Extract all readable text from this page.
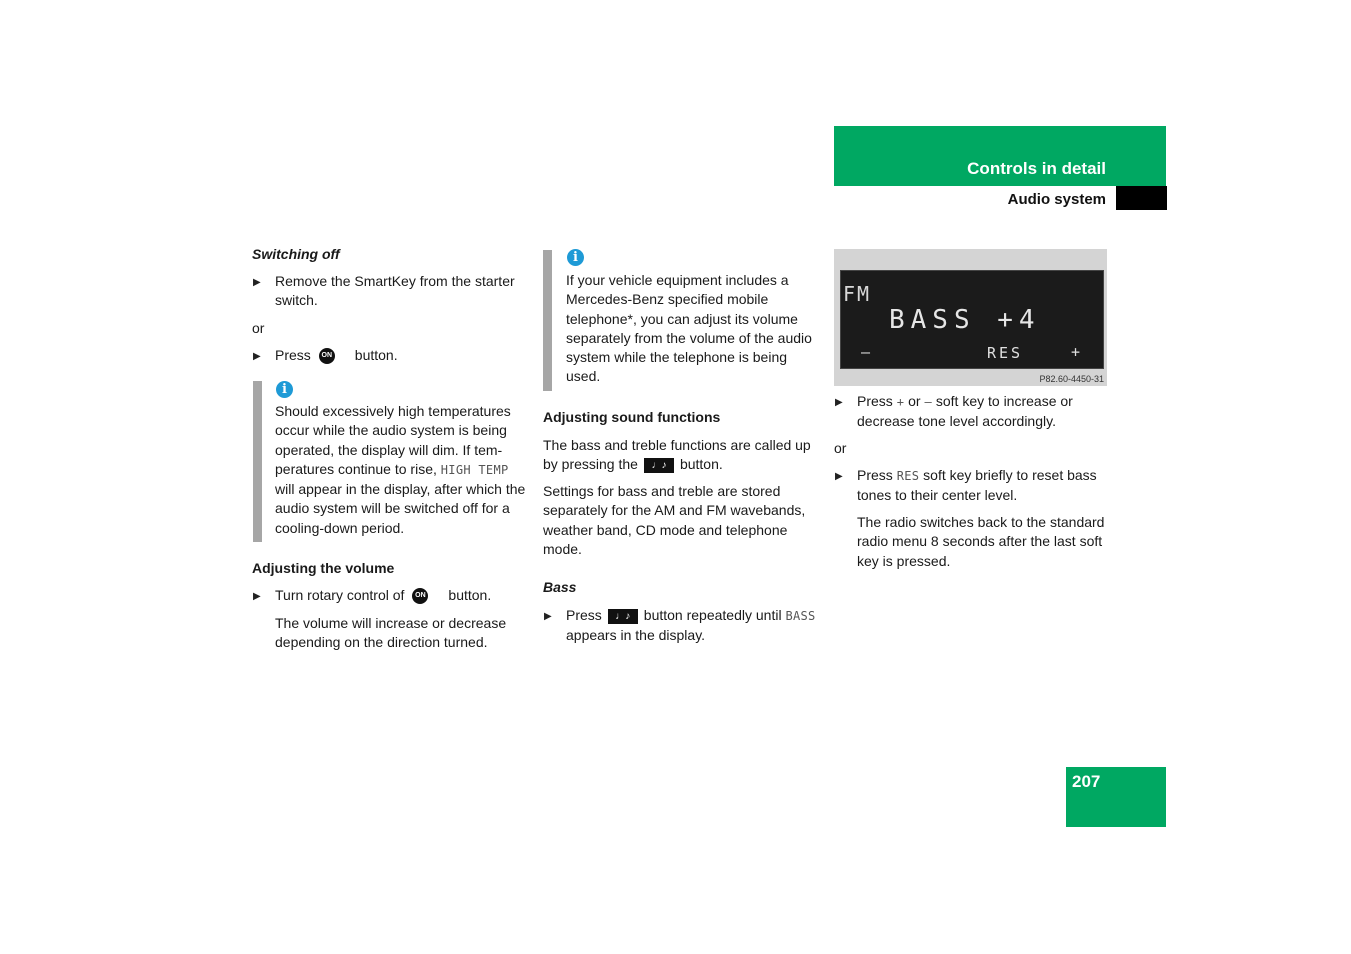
Controls in detail
Audio system
Switching off
▶ Remove the SmartKey from the starter switch.
or
▶ Press ON button.
i
Should excessively high temperatures occur while the audio system is being operated, the display will dim. If temperatures continue to rise, HIGH TEMP will appear in the display, after which the audio system will be switched off for a cooling-down period.
Adjusting the volume
▶ Turn rotary control of ON button.
The volume will increase or decrease depending on the direction turned.
i
If your vehicle equipment includes a Mercedes-Benz specified mobile telephone*, you can adjust its volume separately from the volume of the audio system while the telephone is being used.
Adjusting sound functions
The bass and treble functions are called up by pressing the ♩♪ button.
Settings for bass and treble are stored separately for the AM and FM wavebands, weather band, CD mode and telephone mode.
Bass
▶ Press ♩♪ button repeatedly until BASS appears in the display.
FM
BASS +4
–	RES	+
P82.60-4450-31
▶ Press + or – soft key to increase or decrease tone level accordingly.
or
▶ Press RES soft key briefly to reset bass tones to their center level.
The radio switches back to the standard radio menu 8 seconds after the last soft key is pressed.
207
